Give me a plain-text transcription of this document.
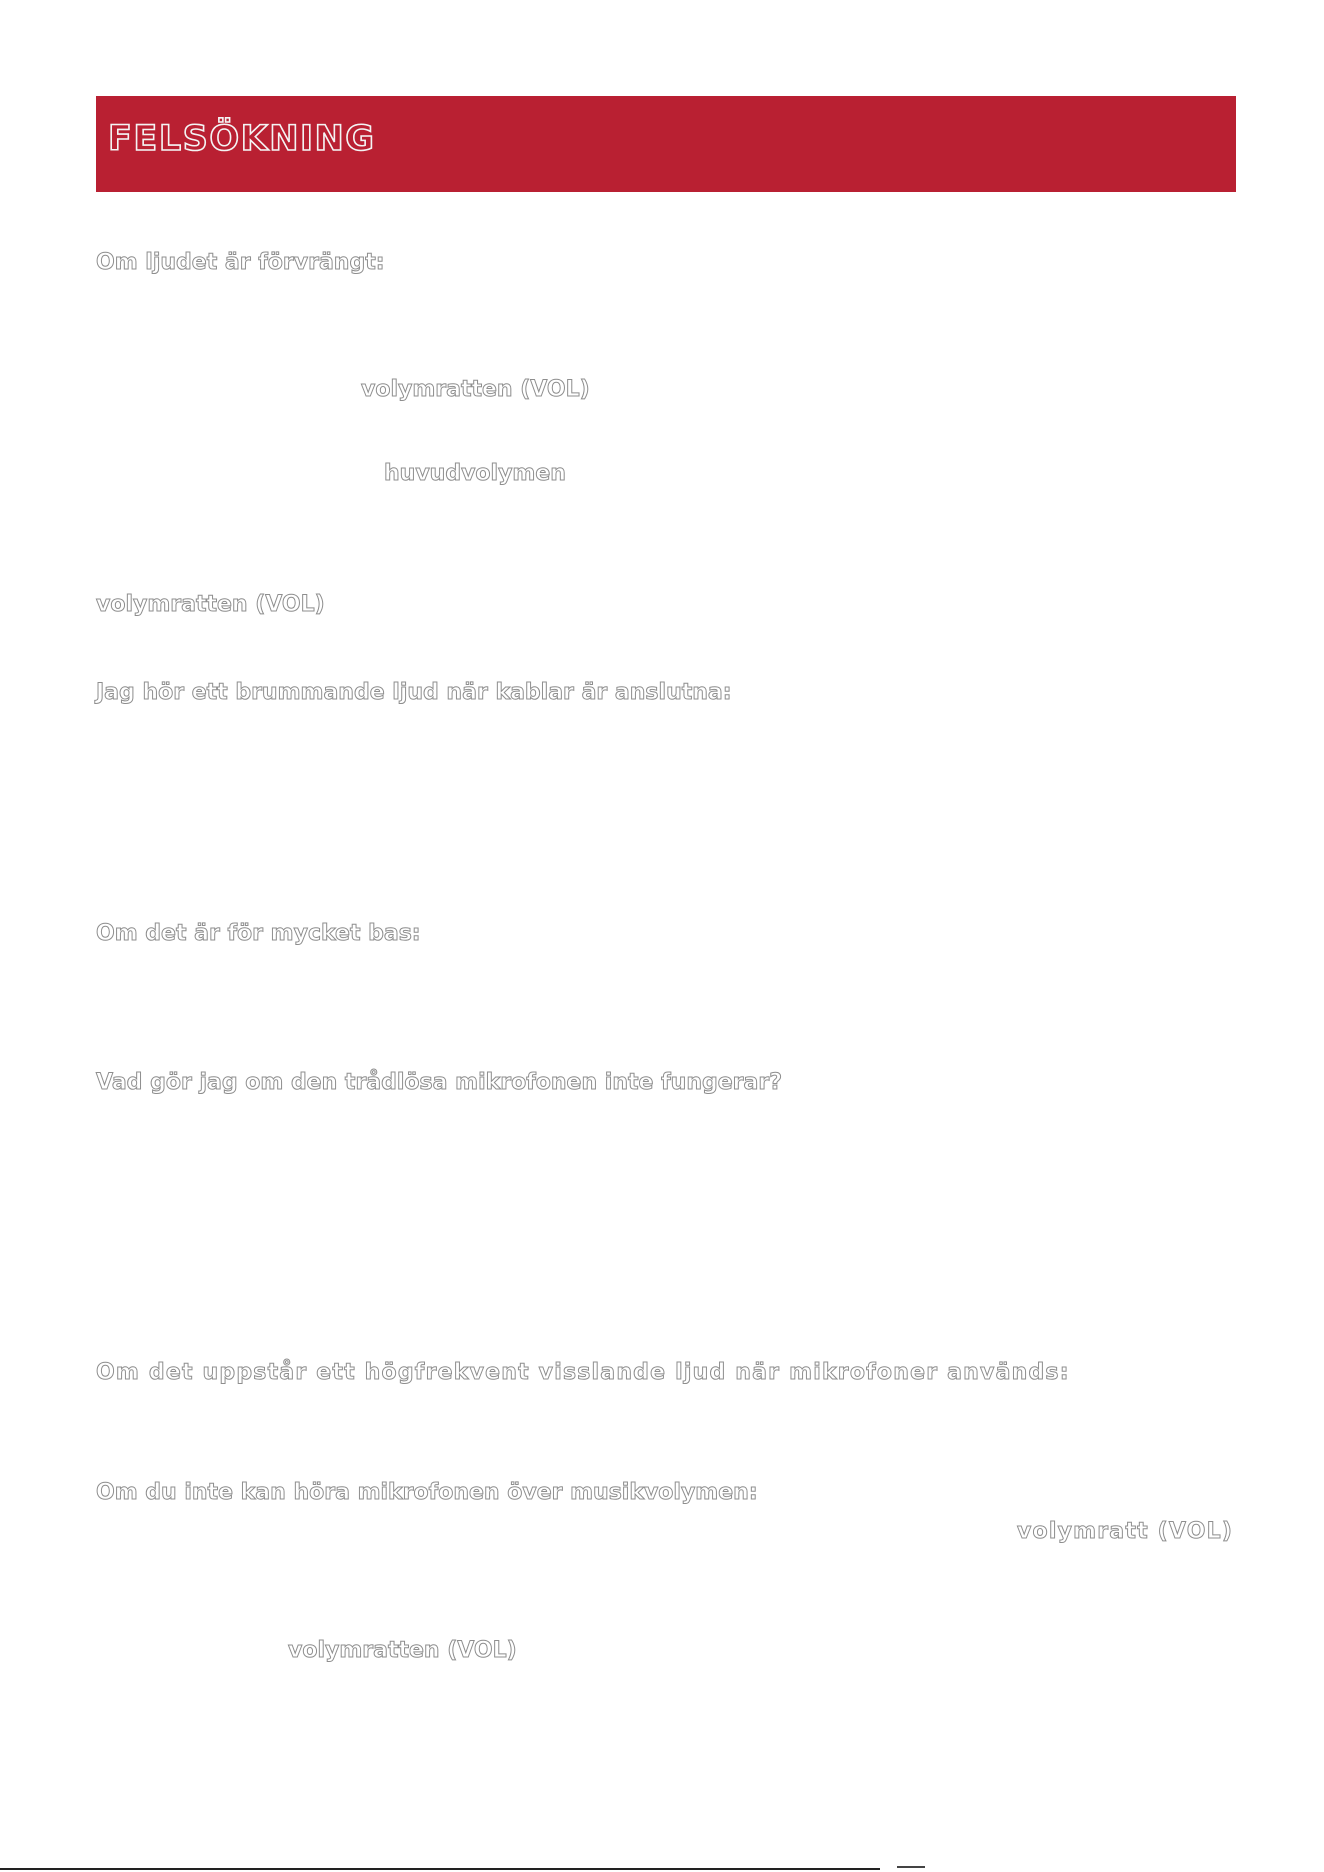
FELSÖKNING

Om ljudet är förvrängt:

volymratten (VOL)

huvudvolymen

volymratten (VOL)

Jag hör ett brummande ljud när kablar är anslutna:

Om det är för mycket bas:

Vad gör jag om den trådlösa mikrofonen inte fungerar?

Om det uppstår ett högfrekvent visslande ljud när mikrofoner används:

Om du inte kan höra mikrofonen över musikvolymen:

volymratt (VOL)

volymratten (VOL)
